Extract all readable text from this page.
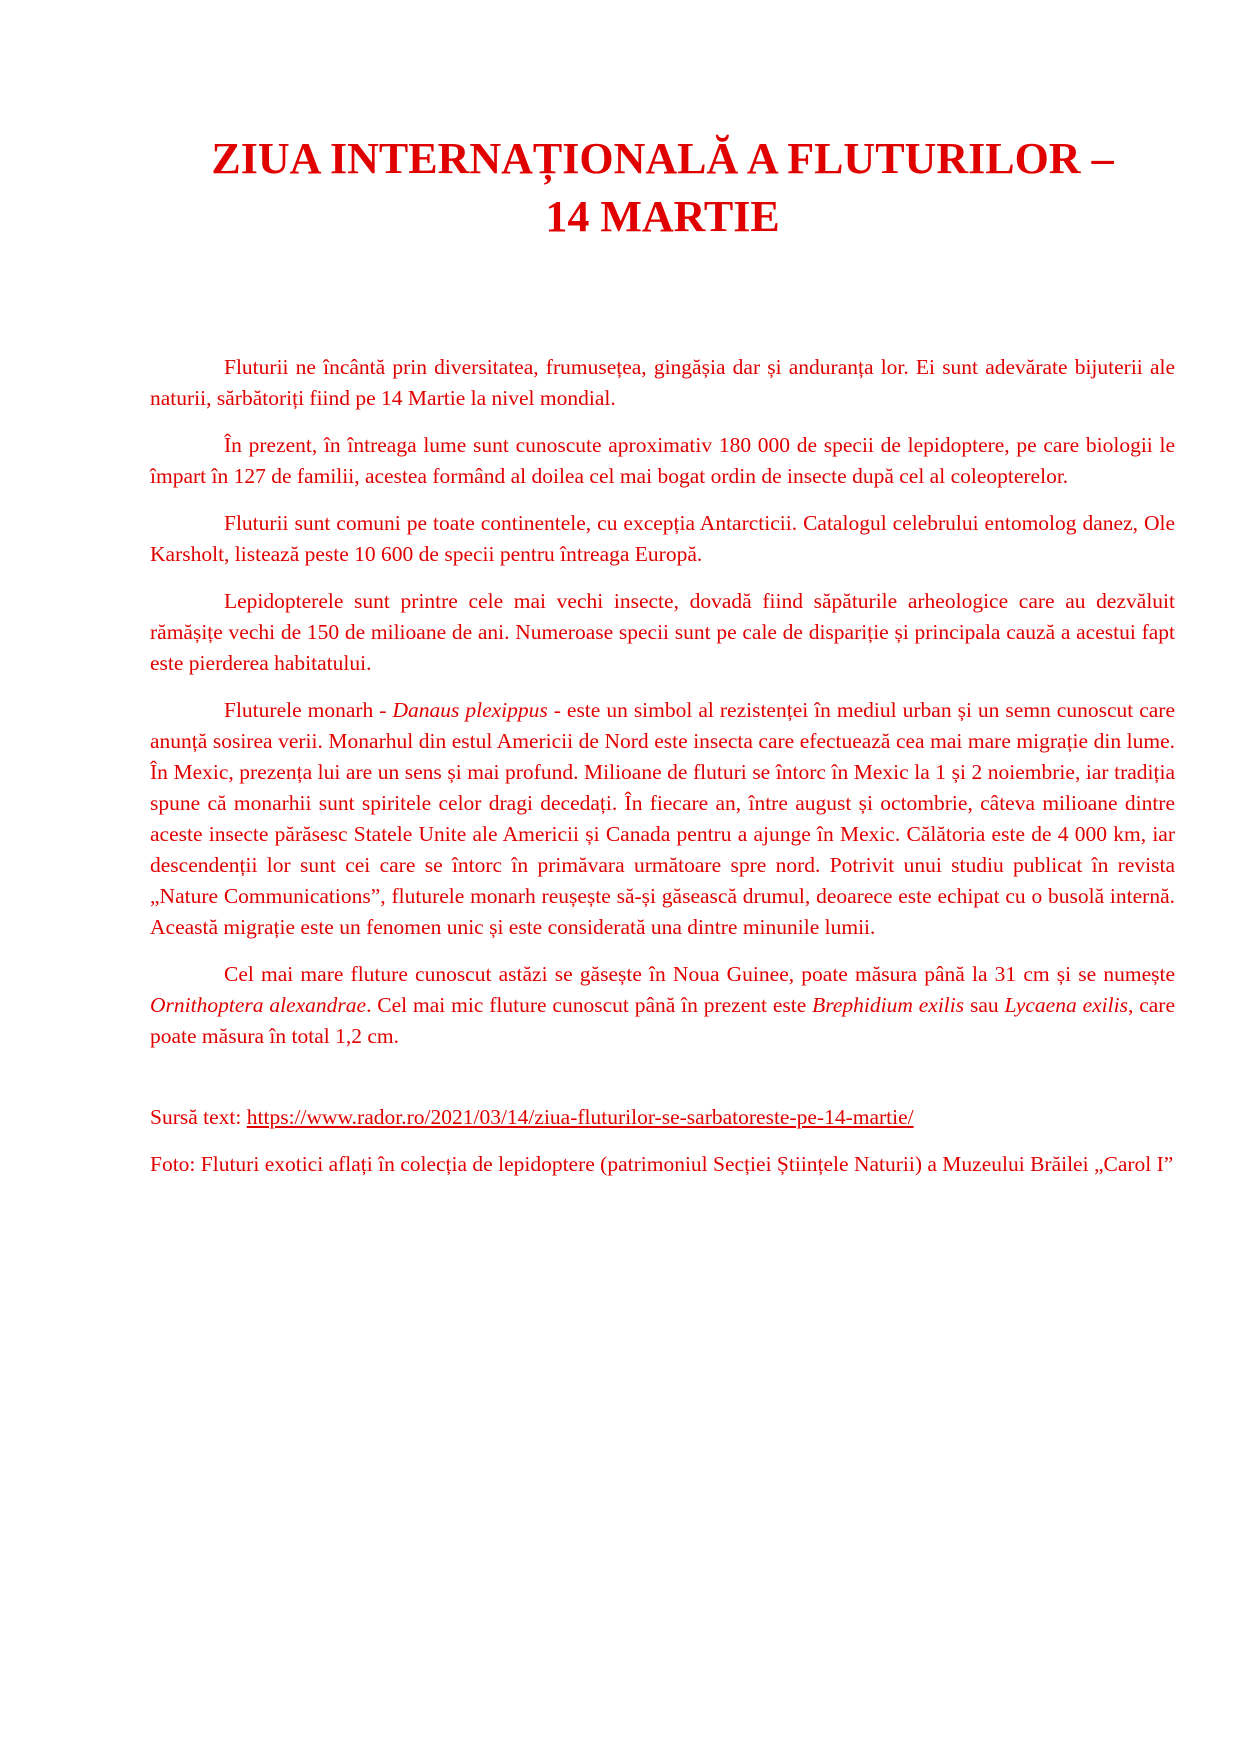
ZIUA INTERNAȚIONALĂ A FLUTURILOR –
14 MARTIE

Fluturii ne încântă prin diversitatea, frumusețea, gingășia dar și anduranța lor. Ei sunt adevărate bijuterii ale naturii, sărbătoriți fiind pe 14 Martie la nivel mondial.

În prezent, în întreaga lume sunt cunoscute aproximativ 180 000 de specii de lepidoptere, pe care biologii le împart în 127 de familii, acestea formând al doilea cel mai bogat ordin de insecte după cel al coleopterelor.

Fluturii sunt comuni pe toate continentele, cu excepția Antarcticii. Catalogul celebrului entomolog danez, Ole Karsholt, listează peste 10 600 de specii pentru întreaga Europă.

Lepidopterele sunt printre cele mai vechi insecte, dovadă fiind săpăturile arheologice care au dezvăluit rămășițe vechi de 150 de milioane de ani. Numeroase specii sunt pe cale de dispariție și principala cauză a acestui fapt este pierderea habitatului.

Fluturele monarh - Danaus plexippus - este un simbol al rezistenței în mediul urban și un semn cunoscut care anunță sosirea verii. Monarhul din estul Americii de Nord este insecta care efectuează cea mai mare migrație din lume. În Mexic, prezența lui are un sens și mai profund. Milioane de fluturi se întorc în Mexic la 1 și 2 noiembrie, iar tradiția spune că monarhii sunt spiritele celor dragi decedați. În fiecare an, între august și octombrie, câteva milioane dintre aceste insecte părăsesc Statele Unite ale Americii și Canada pentru a ajunge în Mexic. Călătoria este de 4 000 km, iar descendenții lor sunt cei care se întorc în primăvara următoare spre nord. Potrivit unui studiu publicat în revista „Nature Communications”, fluturele monarh reușește să-și găsească drumul, deoarece este echipat cu o busolă internă. Această migrație este un fenomen unic și este considerată una dintre minunile lumii.

Cel mai mare fluture cunoscut astăzi se găsește în Noua Guinee, poate măsura până la 31 cm și se numește Ornithoptera alexandrae. Cel mai mic fluture cunoscut până în prezent este Brephidium exilis sau Lycaena exilis, care poate măsura în total 1,2 cm.

Sursă text: https://www.rador.ro/2021/03/14/ziua-fluturilor-se-sarbatoreste-pe-14-martie/

Foto: Fluturi exotici aflați în colecția de lepidoptere (patrimoniul Secției Științele Naturii) a Muzeului Brăilei „Carol I”
